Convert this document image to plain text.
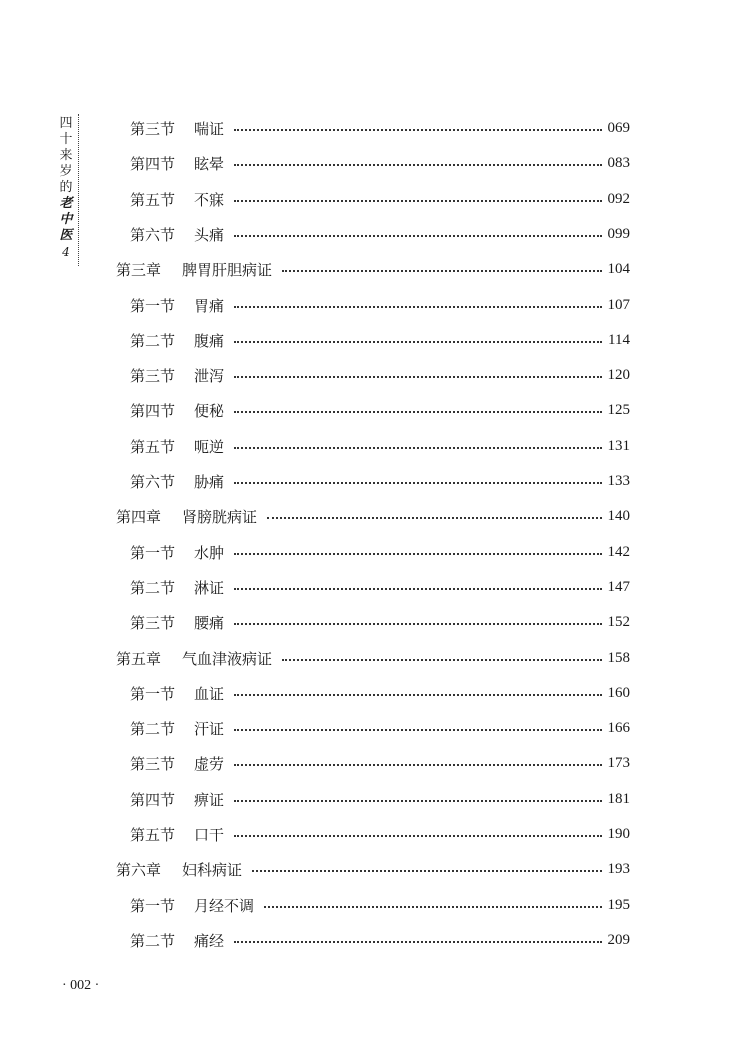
四
十
来
岁
的
老
中
医
4
第三节	喘证	069
第四节	眩晕	083
第五节	不寐	092
第六节	头痛	099
第三章	脾胃肝胆病证	104
第一节	胃痛	107
第二节	腹痛	114
第三节	泄泻	120
第四节	便秘	125
第五节	呃逆	131
第六节	胁痛	133
第四章	肾膀胱病证	140
第一节	水肿	142
第二节	淋证	147
第三节	腰痛	152
第五章	气血津液病证	158
第一节	血证	160
第二节	汗证	166
第三节	虚劳	173
第四节	痹证	181
第五节	口干	190
第六章	妇科病证	193
第一节	月经不调	195
第二节	痛经	209
· 002 ·
